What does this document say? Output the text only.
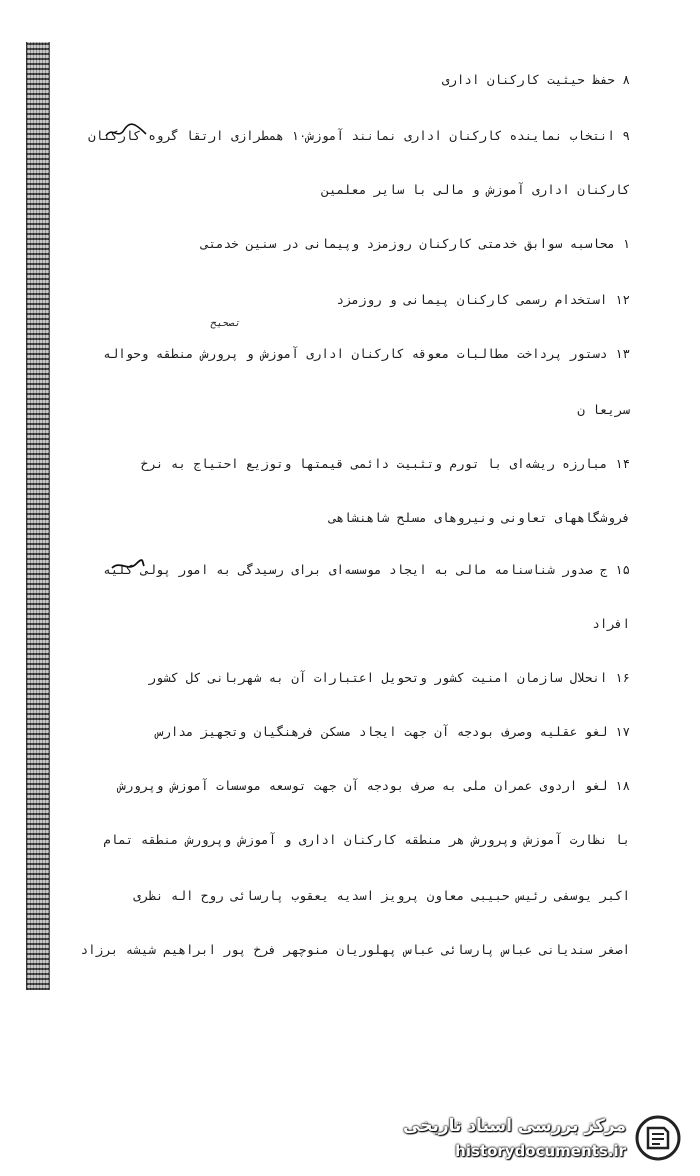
۸ حفظ حیثیت کارکنان اداری
۹ انتخاب نماینده کارکنان اداری نمانند آموزش۱۰ همطرازی ارتقا گروه کارکنان
کارکنان اداری آموزش و مالی با سایر معلمین
۱ محاسبه سوابق خدمتی کارکنان روزمزد وپیمانی در سنین خدمتی
۱۲ استخدام رسمی کارکنان پیمانی و روزمزد
۱۳ دستور پرداخت مطالبات معوقه کارکنان اداری آموزش و پرورش منطقه وحواله
سریعا ن
۱۴ مبارزه ریشه‌ای با تورم وتثبیت دائمی قیمتها وتوزیع احتیاج به نرخ
فروشگاههای تعاونی ونیروهای مسلح شاهنشاهی
۱۵ ج صدور شناسنامه مالی به ایجاد موسسه‌ای برای رسیدگی به امور پولی کلیه
افراد
۱۶ انحلال سازمان امنیت کشور وتحویل اعتبارات آن به شهربانی کل کشور
۱۷ لغو عقلیه وصرف بودجه آن جهت ایجاد مسکن فرهنگیان وتجهیز مدارس
۱۸ لغو اردوی عمران ملی به صرف بودجه آن جهت توسعه موسسات آموزش وپرورش
با نظارت آموزش وپرورش هر منطقه کارکنان اداری و آموزش وپرورش منطقه تمام
اکبر یوسفی رئیس حبیبی معاون پرویز اسدیه یعقوب پارسائی روح اله نظری
اصغر سندیانی عباس پارسائی عباس پهلوریان منوچهر فرخ پور ابراهیم شیشه برزاد
تصحیح
مرکز بررسی اسناد تاریخی
historydocuments.ir
